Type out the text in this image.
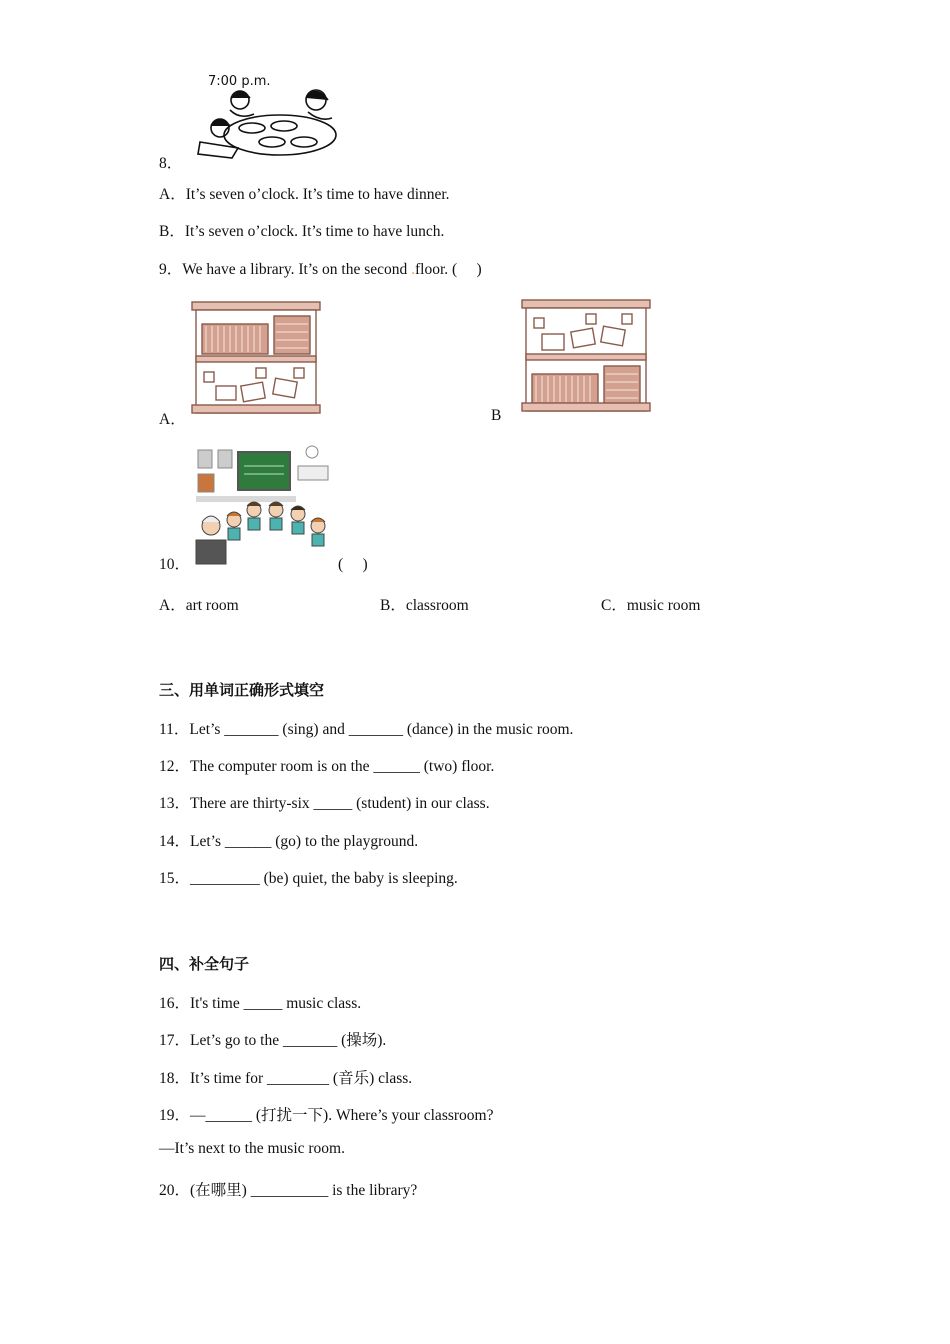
7:00 p.m.
8．
A．It’s seven o’clock. It’s time to have dinner.
B．It’s seven o’clock. It’s time to have lunch.
9．We have a library. It’s on the second .floor. (　 )
A．	B
10．	(　 )
A．art room	B．classroom	C．music room
三、用单词正确形式填空
11．Let’s _______ (sing) and _______ (dance) in the music room.
12．The computer room is on the ______ (two) floor.
13．There are thirty-six _____ (student) in our class.
14．Let’s ______ (go) to the playground.
15．_________ (be) quiet, the baby is sleeping.
四、补全句子
16．It's time _____ music class.
17．Let’s go to the _______ (操场).
18．It’s time for ________ (音乐) class.
19．—______ (打扰一下). Where’s your classroom?
—It’s next to the music room.
20．(在哪里) __________ is the library?
